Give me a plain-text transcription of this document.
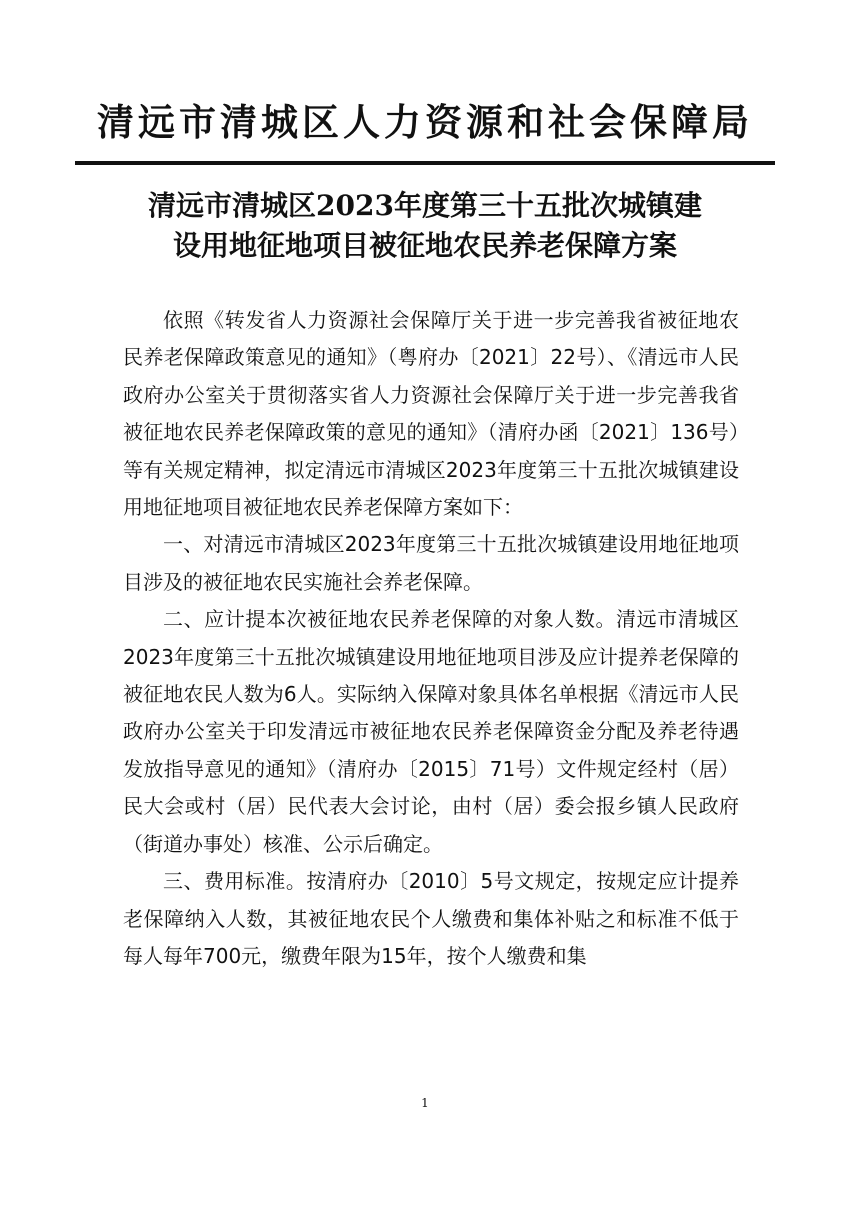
清远市清城区人力资源和社会保障局
清远市清城区2023年度第三十五批次城镇建
设用地征地项目被征地农民养老保障方案

依照《转发省人力资源社会保障厅关于进一步完善我省被征地农民养老保障政策意见的通知》（粤府办〔2021〕22号）、《清远市人民政府办公室关于贯彻落实省人力资源社会保障厅关于进一步完善我省被征地农民养老保障政策的意见的通知》（清府办函〔2021〕136号）等有关规定精神，拟定清远市清城区2023年度第三十五批次城镇建设用地征地项目被征地农民养老保障方案如下：

一、对清远市清城区2023年度第三十五批次城镇建设用地征地项目涉及的被征地农民实施社会养老保障。

二、应计提本次被征地农民养老保障的对象人数。清远市清城区2023年度第三十五批次城镇建设用地征地项目涉及应计提养老保障的被征地农民人数为6人。实际纳入保障对象具体名单根据《清远市人民政府办公室关于印发清远市被征地农民养老保障资金分配及养老待遇发放指导意见的通知》（清府办〔2015〕71号）文件规定经村（居）民大会或村（居）民代表大会讨论，由村（居）委会报乡镇人民政府（街道办事处）核准、公示后确定。

三、费用标准。按清府办〔2010〕5号文规定，按规定应计提养老保障纳入人数，其被征地农民个人缴费和集体补贴之和标准不低于每人每年700元，缴费年限为15年，按个人缴费和集

1
